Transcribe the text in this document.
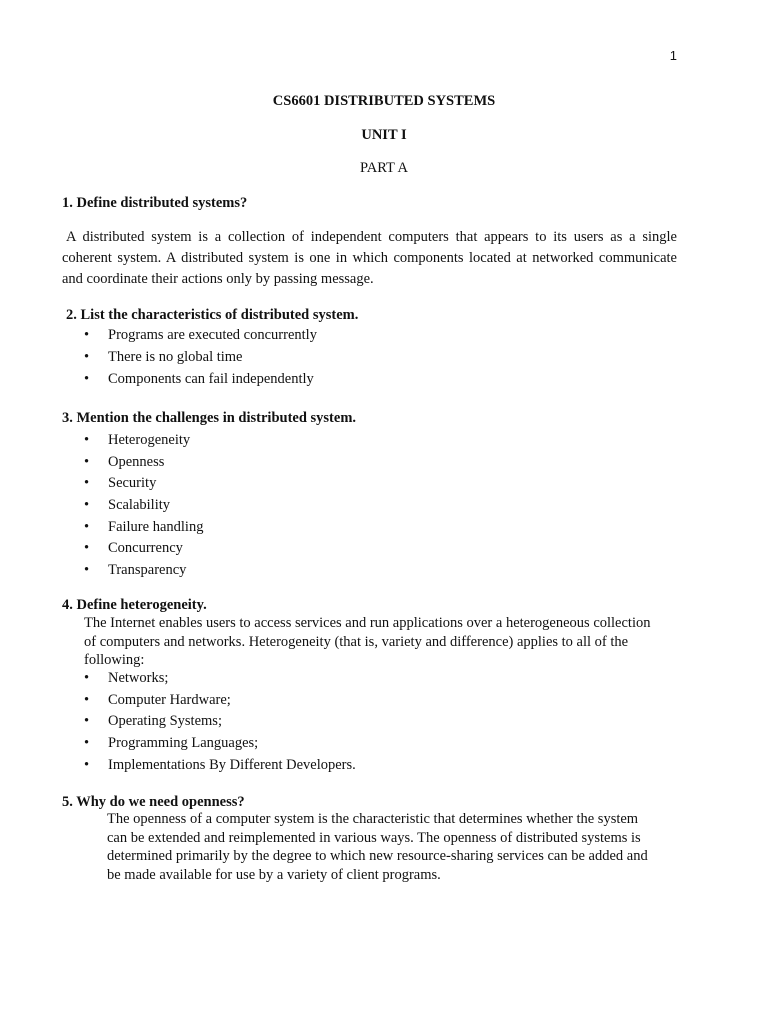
1
CS6601 DISTRIBUTED SYSTEMS
UNIT I
PART A
1. Define distributed systems?
A distributed system is a collection of independent computers that appears to its users as a single coherent system. A distributed system is one in which components located at networked communicate and coordinate their actions only by passing message.
2. List the characteristics of distributed system.
• Programs are executed concurrently
• There is no global time
• Components can fail independently
3. Mention the challenges in distributed system.
• Heterogeneity
• Openness
• Security
• Scalability
• Failure handling
• Concurrency
• Transparency
4. Define heterogeneity.
The Internet enables users to access services and run applications over a heterogeneous collection
of computers and networks. Heterogeneity (that is, variety and difference) applies to all of the
following:
• Networks;
• Computer Hardware;
• Operating Systems;
• Programming Languages;
• Implementations By Different Developers.
5. Why do we need openness?
The openness of a computer system is the characteristic that determines whether the system
can be extended and reimplemented in various ways. The openness of distributed systems is
determined primarily by the degree to which new resource-sharing services can be added and
be made available for use by a variety of client programs.
